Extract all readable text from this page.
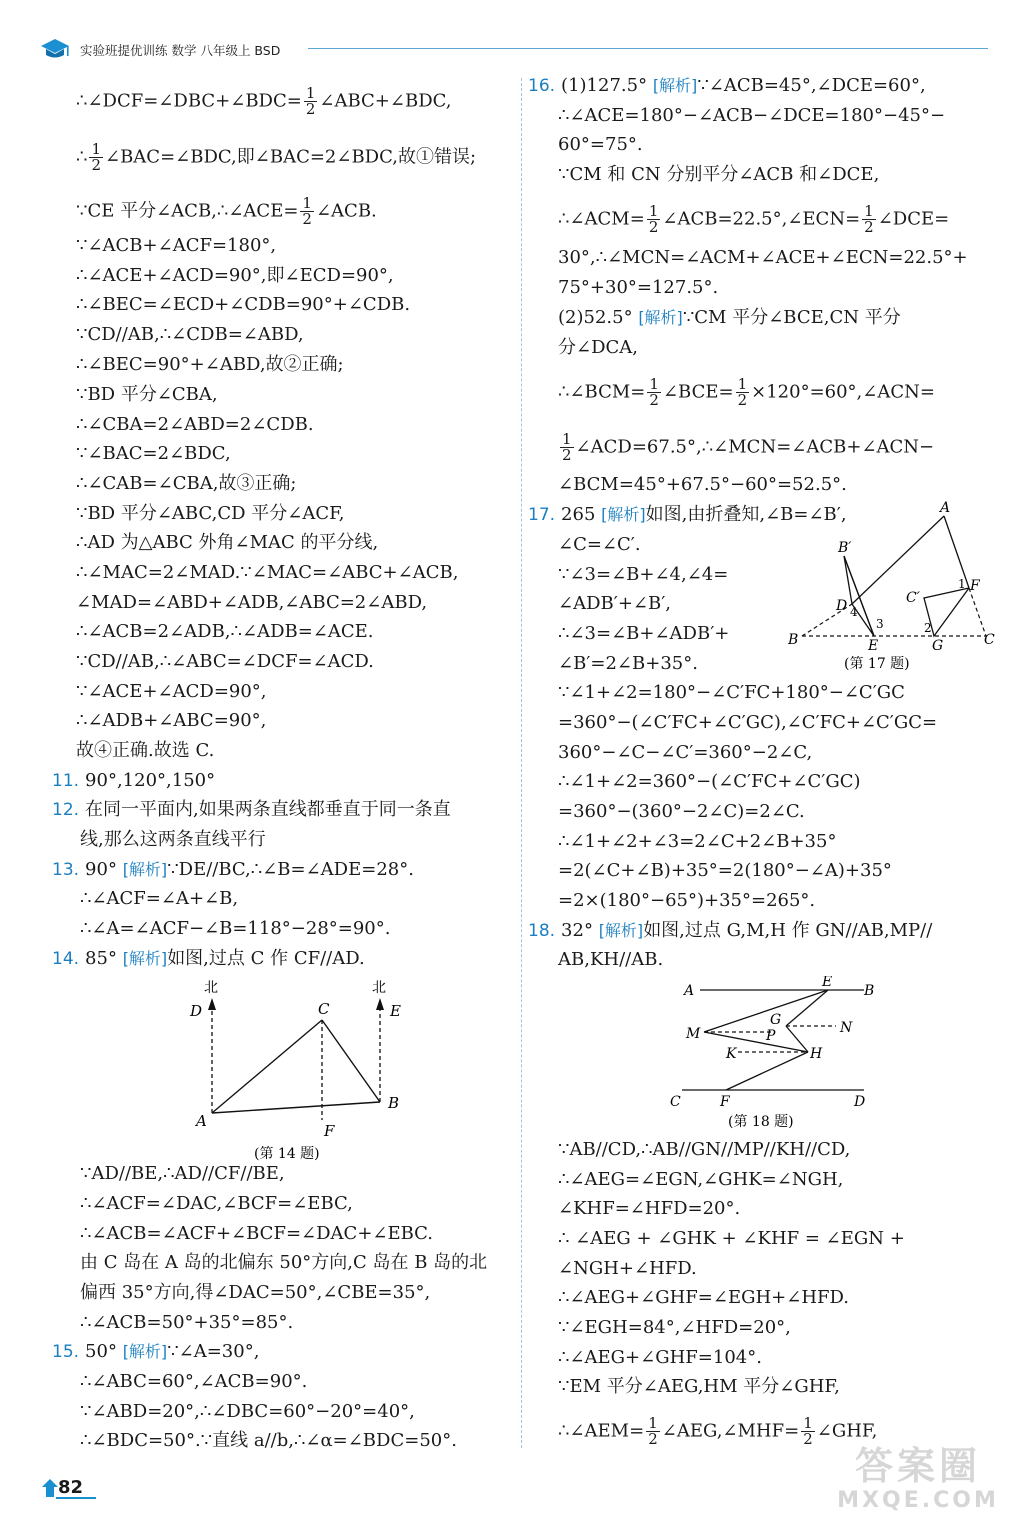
实验班提优训练 数学 八年级上 BSD
∴∠DCF=∠DBC+∠BDC= $\frac{1}{2}$ ∠ABC+∠BDC,
∴ $\frac{1}{2}$ ∠BAC=∠BDC,即∠BAC=2∠BDC,故①错误;
∵CE 平分∠ACB,∴∠ACE= $\frac{1}{2}$ ∠ACB.
∵∠ACB+∠ACF=180°,
∴∠ACE+∠ACD=90°,即∠ECD=90°,
∴∠BEC=∠ECD+∠CDB=90°+∠CDB.
∵CD//AB,∴∠CDB=∠ABD,
∴∠BEC=90°+∠ABD,故②正确;
∵BD 平分∠CBA,
∴∠CBA=2∠ABD=2∠CDB.
∵∠BAC=2∠BDC,
∴∠CAB=∠CBA,故③正确;
∵BD 平分∠ABC,CD 平分∠ACF,
∴AD 为△ABC 外角∠MAC 的平分线,
∴∠MAC=2∠MAD.∵∠MAC=∠ABC+∠ACB,
∠MAD=∠ABD+∠ADB,∠ABC=2∠ABD,
∴∠ACB=2∠ADB,∴∠ADB=∠ACE.
∵CD//AB,∴∠ABC=∠DCF=∠ACD.
∵∠ACE+∠ACD=90°,
∴∠ADB+∠ABC=90°,
故④正确.故选 C.
11. 90°,120°,150°
12. 在同一平面内,如果两条直线都垂直于同一条直
线,那么这两条直线平行
13. 90° [解析]∵DE//BC,∴∠B=∠ADE=28°.
∴∠ACF=∠A+∠B,
∴∠A=∠ACF−∠B=118°−28°=90°.
14. 85° [解析]如图,过点 C 作 CF//AD.
北	北
D	E
C
A
B
F
(第 14 题)
∵AD//BE,∴AD//CF//BE,
∴∠ACF=∠DAC,∠BCF=∠EBC,
∴∠ACB=∠ACF+∠BCF=∠DAC+∠EBC.
由 C 岛在 A 岛的北偏东 50°方向,C 岛在 B 岛的北
偏西 35°方向,得∠DAC=50°,∠CBE=35°,
∴∠ACB=50°+35°=85°.
15. 50° [解析]∵∠A=30°,
∴∠ABC=60°,∠ACB=90°.
∵∠ABD=20°,∴∠DBC=60°−20°=40°,
∴∠BDC=50°.∵直线 a//b,∴∠α=∠BDC=50°.
16. (1)127.5° [解析]∵∠ACB=45°,∠DCE=60°,
∴∠ACE=180°−∠ACB−∠DCE=180°−45°−
60°=75°.
∵CM 和 CN 分别平分∠ACB 和∠DCE,
∴∠ACM= $\frac{1}{2}$ ∠ACB=22.5°,∠ECN= $\frac{1}{2}$ ∠DCE=
30°,∴∠MCN=∠ACM+∠ACE+∠ECN=22.5°+
75°+30°=127.5°.
(2)52.5° [解析]∵CM 平分∠BCE,CN 平分
分∠DCA,
∴∠BCM= $\frac{1}{2}$ ∠BCE= $\frac{1}{2}$ ×120°=60°,∠ACN=
$\frac{1}{2}$ ∠ACD=67.5°,∴∠MCN=∠ACB+∠ACN−
∠BCM=45°+67.5°−60°=52.5°.
17. 265 [解析]如图,由折叠知,∠B=∠B′,
∠C=∠C′.
∵∠3=∠B+∠4,∠4=
∠ADB′+∠B′,
∴∠3=∠B+∠ADB′+
∠B′=2∠B+35°.
A
B	C
D
E
F
G
B′
C′
1
2
3
4
(第 17 题)
∵∠1+∠2=180°−∠C′FC+180°−∠C′GC
=360°−(∠C′FC+∠C′GC),∠C′FC+∠C′GC=
360°−∠C−∠C′=360°−2∠C,
∴∠1+∠2=360°−(∠C′FC+∠C′GC)
=360°−(360°−2∠C)=2∠C.
∴∠1+∠2+∠3=2∠C+2∠B+35°
=2(∠C+∠B)+35°=2(180°−∠A)+35°
=2×(180°−65°)+35°=265°.
18. 32° [解析]如图,过点 G,M,H 作 GN//AB,MP//
AB,KH//AB.
A	B
C	D
E
F
G
H
K
M	N
P
(第 18 题)
∵AB//CD,∴AB//GN//MP//KH//CD,
∴∠AEG=∠EGN,∠GHK=∠NGH,
∠KHF=∠HFD=20°.
∴ ∠AEG + ∠GHK + ∠KHF = ∠EGN +
∠NGH+∠HFD.
∴∠AEG+∠GHF=∠EGH+∠HFD.
∵∠EGH=84°,∠HFD=20°,
∴∠AEG+∠GHF=104°.
∵EM 平分∠AEG,HM 平分∠GHF,
∴∠AEM= $\frac{1}{2}$ ∠AEG,∠MHF= $\frac{1}{2}$ ∠GHF,
82	答案圈
MXQE.COM
